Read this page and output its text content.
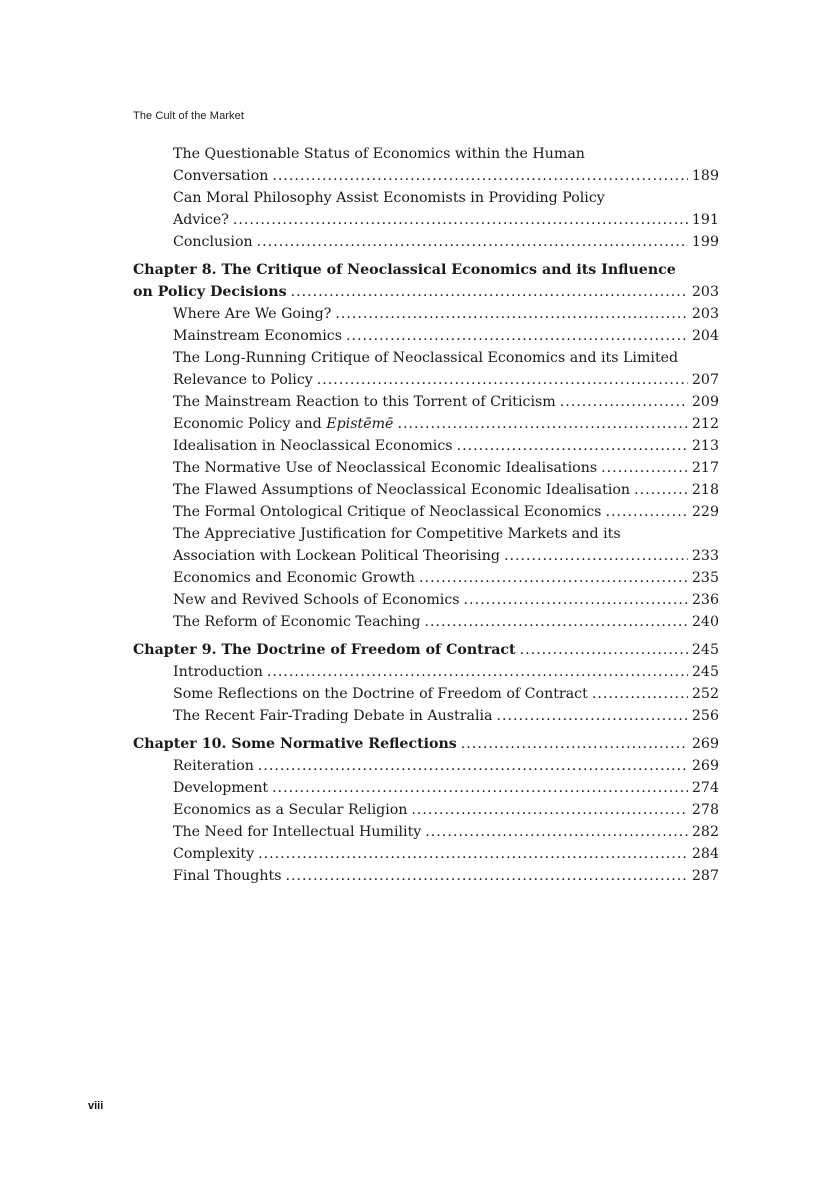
The Cult of the Market
The Questionable Status of Economics within the Human
Conversation .....	189
Can Moral Philosophy Assist Economists in Providing Policy
Advice? .....	191
Conclusion .....	199
Chapter 8. The Critique of Neoclassical Economics and its Influence
on Policy Decisions .....	203
Where Are We Going? .....	203
Mainstream Economics .....	204
The Long-Running Critique of Neoclassical Economics and its Limited
Relevance to Policy .....	207
The Mainstream Reaction to this Torrent of Criticism .....	209
Economic Policy and Epistēmē .....	212
Idealisation in Neoclassical Economics .....	213
The Normative Use of Neoclassical Economic Idealisations .....	217
The Flawed Assumptions of Neoclassical Economic Idealisation .....	218
The Formal Ontological Critique of Neoclassical Economics .....	229
The Appreciative Justification for Competitive Markets and its
Association with Lockean Political Theorising .....	233
Economics and Economic Growth .....	235
New and Revived Schools of Economics .....	236
The Reform of Economic Teaching .....	240
Chapter 9. The Doctrine of Freedom of Contract .....	245
Introduction .....	245
Some Reflections on the Doctrine of Freedom of Contract .....	252
The Recent Fair-Trading Debate in Australia .....	256
Chapter 10. Some Normative Reflections .....	269
Reiteration .....	269
Development .....	274
Economics as a Secular Religion .....	278
The Need for Intellectual Humility .....	282
Complexity .....	284
Final Thoughts .....	287
viii
